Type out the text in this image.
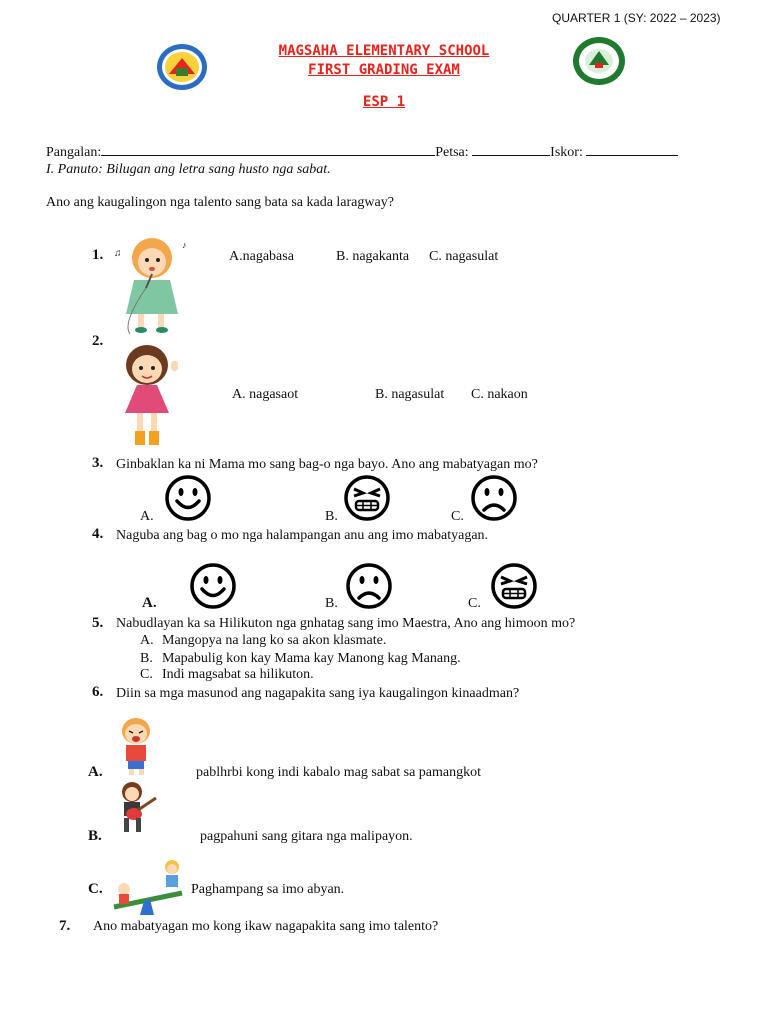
QUARTER 1 (SY: 2022 – 2023)
MAGSAHA ELEMENTARY SCHOOL
FIRST GRADING EXAM
ESP 1
Pangalan:	Petsa:	Iskor:
I. Panuto: Bilugan ang letra sang husto nga sabat.
Ano ang kaugalingon nga talento sang bata sa kada laragway?
1. ♫
♪
A.nagabasa	B. nagakanta C. nagasulat
2.
A. nagasaot	B. nagasulat C. nakaon
3. Ginbaklan ka ni Mama mo sang bag-o nga bayo. Ano ang mabatyagan mo?
A.	B.	C.
4. Naguba ang bag o mo nga halampangan anu ang imo mabatyagan.
A.	B.	C.
5. Nabudlayan ka sa Hilikuton nga gnhatag sang imo Maestra, Ano ang himoon mo?
A. Mangopya na lang ko sa akon klasmate.
B. Mapabulig kon kay Mama kay Manong kag Manang.
C. Indi magsabat sa hilikuton.
6. Diin sa mga masunod ang nagapakita sang iya kaugalingon kinaadman?
A.	pablhrbi kong indi kabalo mag sabat sa pamangkot
B.	pagpahuni sang gitara nga malipayon.
C.	Paghampang sa imo abyan.
7. Ano mabatyagan mo kong ikaw nagapakita sang imo talento?
